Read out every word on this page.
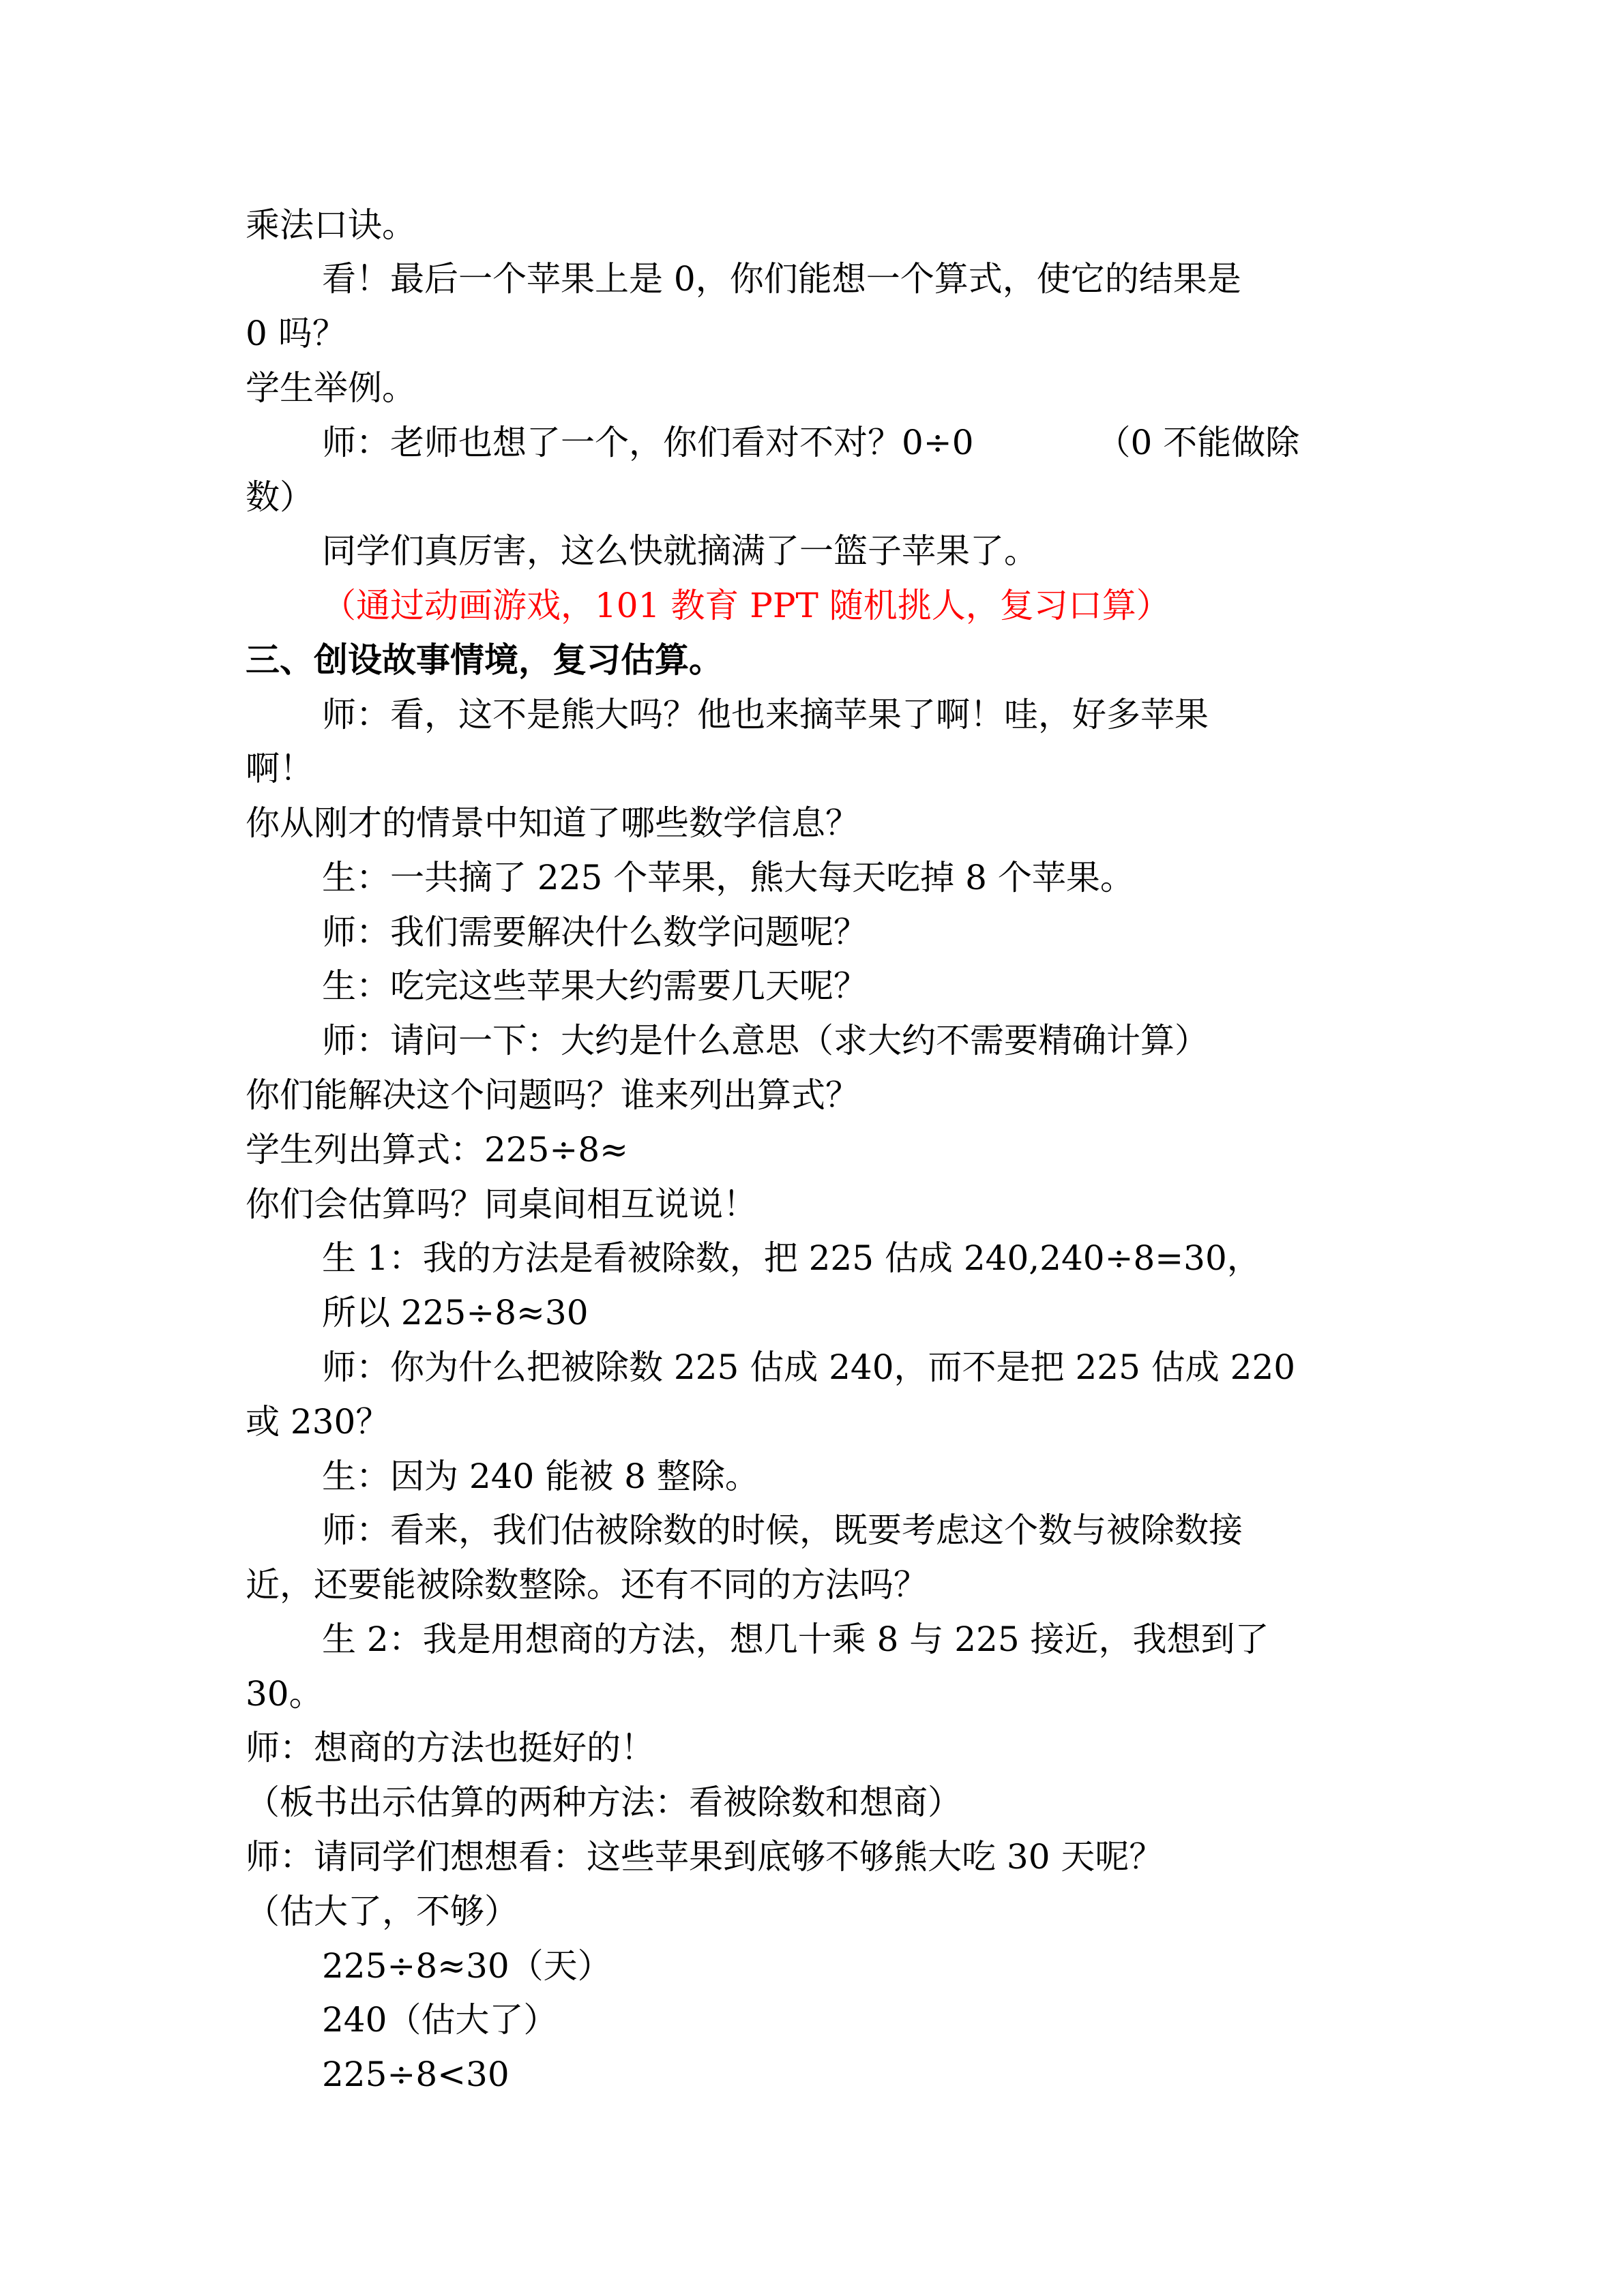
乘法口诀。
看！最后一个苹果上是 0，你们能想一个算式，使它的结果是
0 吗？
学生举例。
师：老师也想了一个，你们看对不对？0÷0	（0 不能做除
数）
同学们真厉害，这么快就摘满了一篮子苹果了。
（通过动画游戏，101 教育 PPT 随机挑人，复习口算）
三、创设故事情境，复习估算。
师：看，这不是熊大吗？他也来摘苹果了啊！哇，好多苹果
啊！
你从刚才的情景中知道了哪些数学信息？
生：一共摘了 225 个苹果，熊大每天吃掉 8 个苹果。
师：我们需要解决什么数学问题呢？
生：吃完这些苹果大约需要几天呢？
师：请问一下：大约是什么意思（求大约不需要精确计算）
你们能解决这个问题吗？谁来列出算式？
学生列出算式：225÷8≈
你们会估算吗？同桌间相互说说！
生 1：我的方法是看被除数，把 225 估成 240,240÷8=30，
所以 225÷8≈30
师：你为什么把被除数 225 估成 240，而不是把 225 估成 220
或 230？
生：因为 240 能被 8 整除。
师：看来，我们估被除数的时候，既要考虑这个数与被除数接
近，还要能被除数整除。还有不同的方法吗？
生 2：我是用想商的方法，想几十乘 8 与 225 接近，我想到了
30。
师：想商的方法也挺好的！
（板书出示估算的两种方法：看被除数和想商）
师：请同学们想想看：这些苹果到底够不够熊大吃 30 天呢？
（估大了，不够）
225÷8≈30（天）
240（估大了）
225÷8<30
